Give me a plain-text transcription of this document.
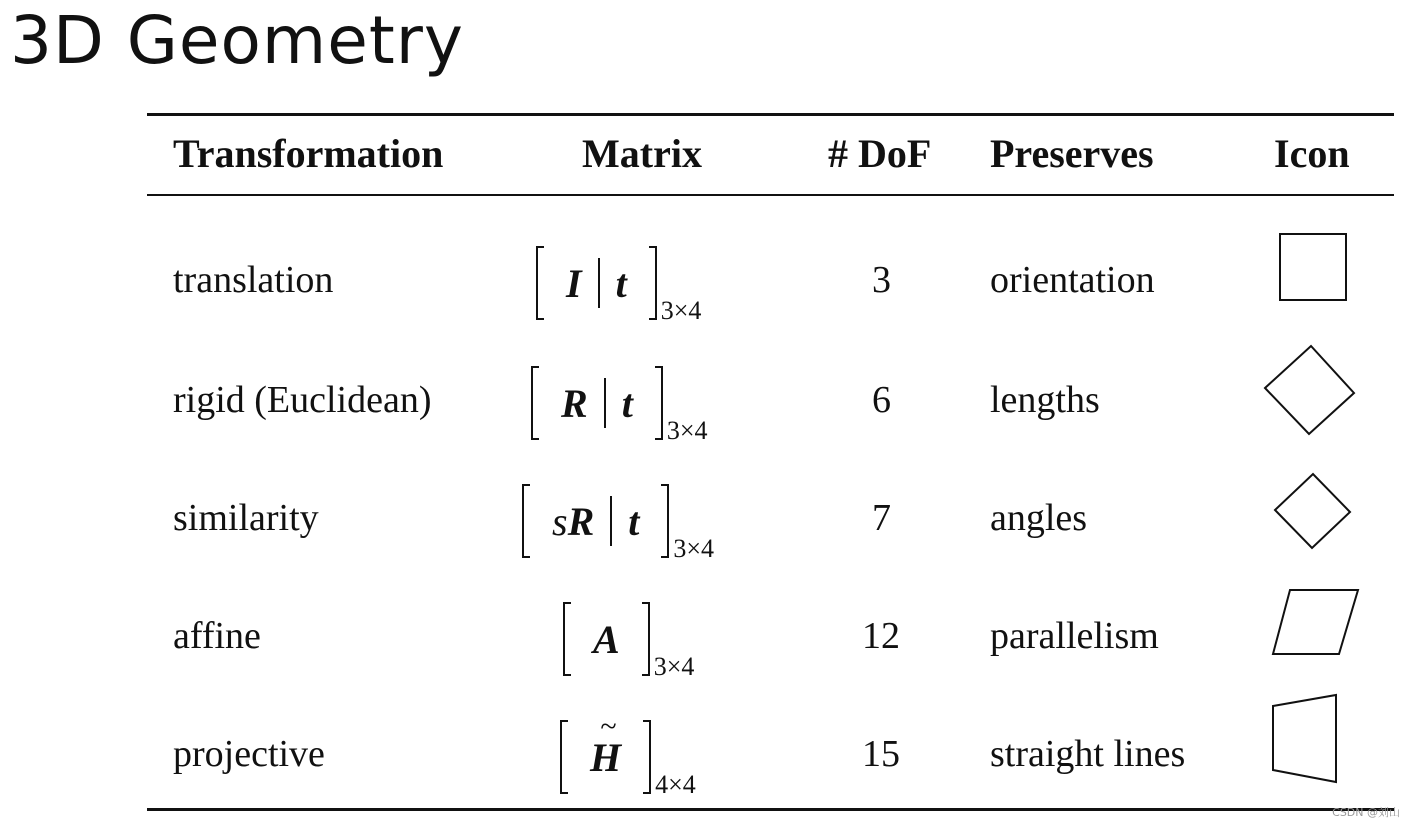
3D Geometry
Transformation	Matrix	# DoF Preserves	Icon
translation	I t
3×4
3	orientation
rigid (Euclidean)	R t
3×4
6	lengths
similarity	s R t
3×4
7	angles
affine	A
3×4
12 parallelism
projective
~	H
4×4
15 straight lines
CSDN @刘山
